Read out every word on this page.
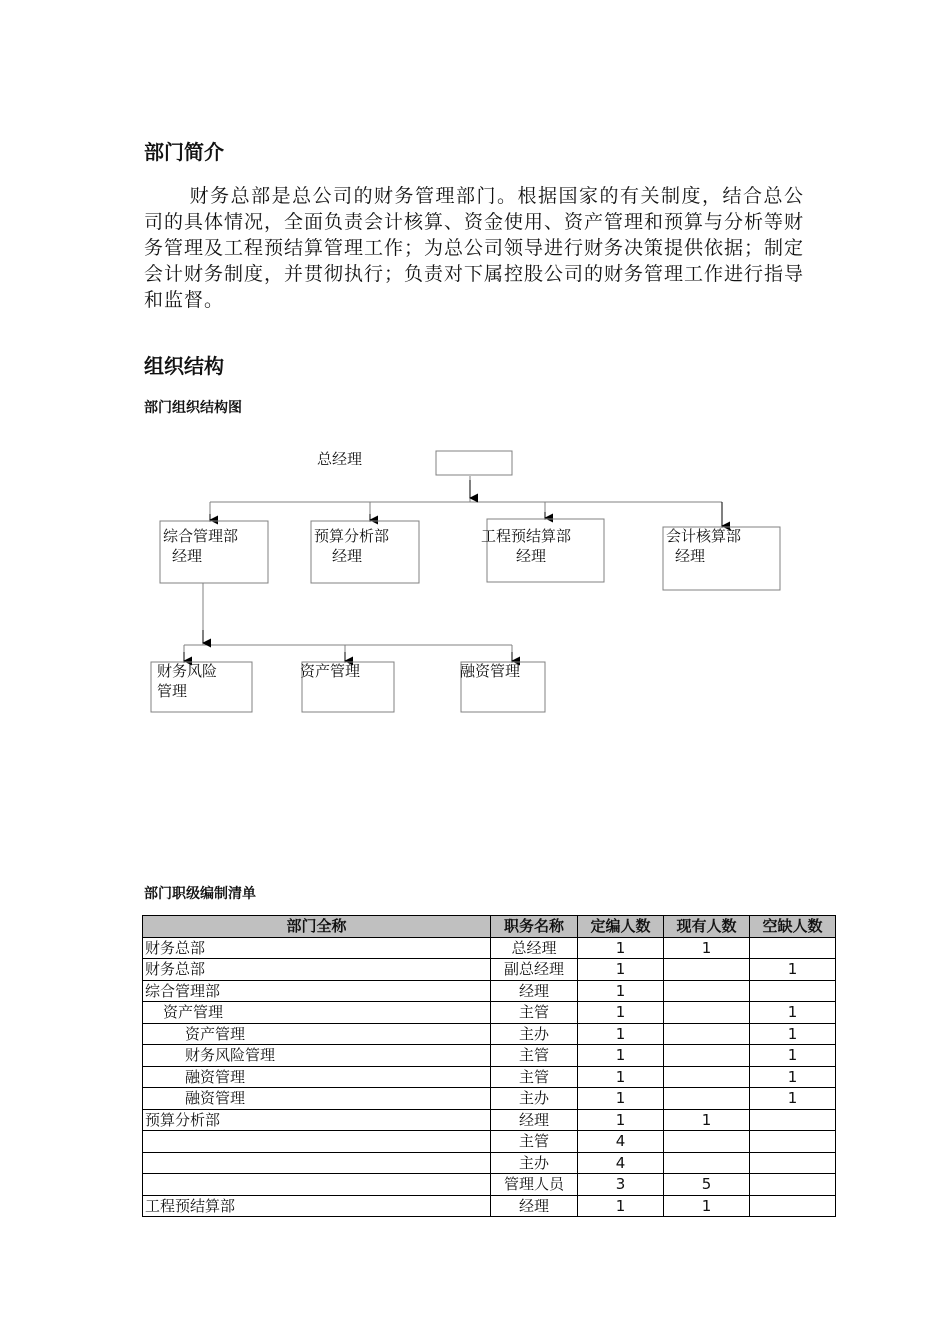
部门简介

财务总部是总公司的财务管理部门。根据国家的有关制度，结合总公司的具体情况，全面负责会计核算、资金使用、资产管理和预算与分析等财务管理及工程预结算管理工作；为总公司领导进行财务决策提供依据；制定会计财务制度，并贯彻执行；负责对下属控股公司的财务管理工作进行指导和监督。

组织结构
部门组织结构图
总经理
综合管理部
经理
预算分析部
经理
工程预结算部
经理
会计核算部
经理
财务风险
管理
资产管理	融资管理
部门职级编制清单
部门全称	职务名称	定编人数	现有人数	空缺人数
财务总部	总经理	1	1	
财务总部	副总经理	1		1
综合管理部	经理	1		
资产管理	主管	1		1
资产管理	主办	1		1
财务风险管理	主管	1		1
融资管理	主管	1		1
融资管理	主办	1		1
预算分析部	经理	1	1	
	主管	4		
	主办	4		
	管理人员	3	5	
工程预结算部	经理	1	1	
